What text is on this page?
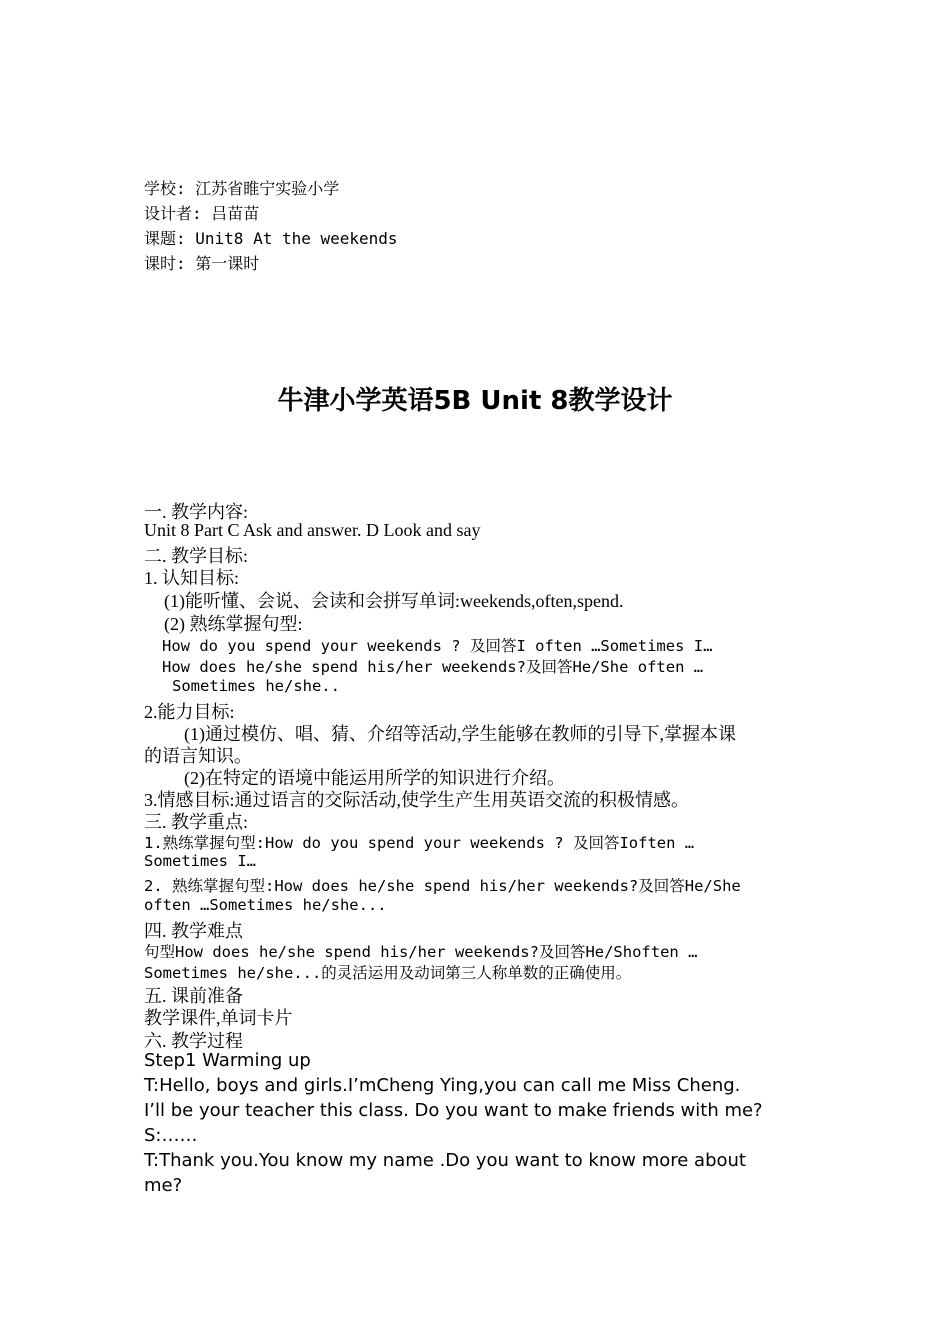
学校: 江苏省睢宁实验小学
设计者: 吕苗苗
课题: Unit8 At the weekends
课时: 第一课时
牛津小学英语5B Unit 8教学设计
一. 教学内容:
Unit 8 Part C Ask and answer. D Look and say
二. 教学目标:
1. 认知目标:
(1)能听懂、会说、会读和会拼写单词:weekends,often,spend.
(2) 熟练掌握句型:
How do you spend your weekends ? 及回答I often …Sometimes I…
How does he/she spend his/her weekends?及回答He/She often …
Sometimes he/she..
2.能力目标:
(1)通过模仿、唱、猜、介绍等活动,学生能够在教师的引导下,掌握本课
的语言知识。
(2)在特定的语境中能运用所学的知识进行介绍。
3.情感目标:通过语言的交际活动,使学生产生用英语交流的积极情感。
三. 教学重点:
1.熟练掌握句型:How do you spend your weekends ? 及回答Ioften …
Sometimes I…
2. 熟练掌握句型:How does he/she spend his/her weekends?及回答He/She
often …Sometimes he/she...
四. 教学难点
句型How does he/she spend his/her weekends?及回答He/Shoften …
Sometimes he/she...的灵活运用及动词第三人称单数的正确使用。
五. 课前准备
教学课件,单词卡片
六. 教学过程
Step1 Warming up
T:Hello, boys and girls.I’mCheng Ying,you can call me Miss Cheng.
I’ll be your teacher this class. Do you want to make friends with me?
S:……
T:Thank you.You know my name .Do you want to know more about
me?
